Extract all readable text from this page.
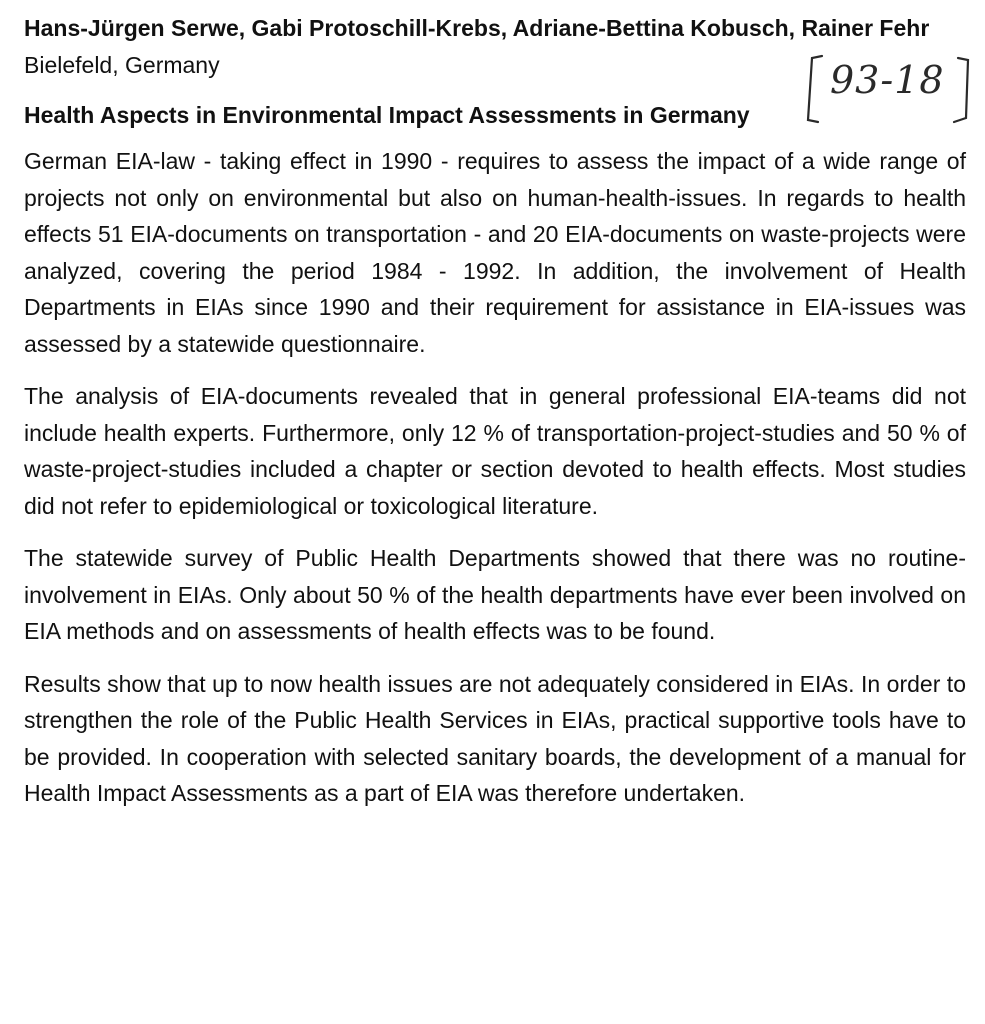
Hans-Jürgen Serwe, Gabi Protoschill-Krebs, Adriane-Bettina Kobusch, Rainer Fehr

Bielefeld, Germany

Health Aspects in Environmental Impact Assessments in Germany

German EIA-law - taking effect in 1990 - requires to assess the impact of a wide range of projects not only on environmental but also on human-health-issues. In regards to health effects 51 EIA-documents on transportation - and 20 EIA-documents on waste-projects were analyzed, covering the period 1984 - 1992. In addition, the involvement of Health Departments in EIAs since 1990 and their requirement for assistance in EIA-issues was assessed by a statewide questionnaire.

The analysis of EIA-documents revealed that in general professional EIA-teams did not include health experts. Furthermore, only 12 % of transportation-project-studies and 50 % of waste-project-studies included a chapter or section devoted to health effects. Most studies did not refer to epidemiological or toxicological literature.

The statewide survey of Public Health Departments showed that there was no routine-involvement in EIAs. Only about 50 % of the health departments have ever been involved on EIA methods and on assessments of health effects was to be found.

Results show that up to now health issues are not adequately considered in EIAs. In order to strengthen the role of the Public Health Services in EIAs, practical supportive tools have to be provided. In cooperation with selected sanitary boards, the development of a manual for Health Impact Assessments as a part of EIA was therefore undertaken.

93-18
